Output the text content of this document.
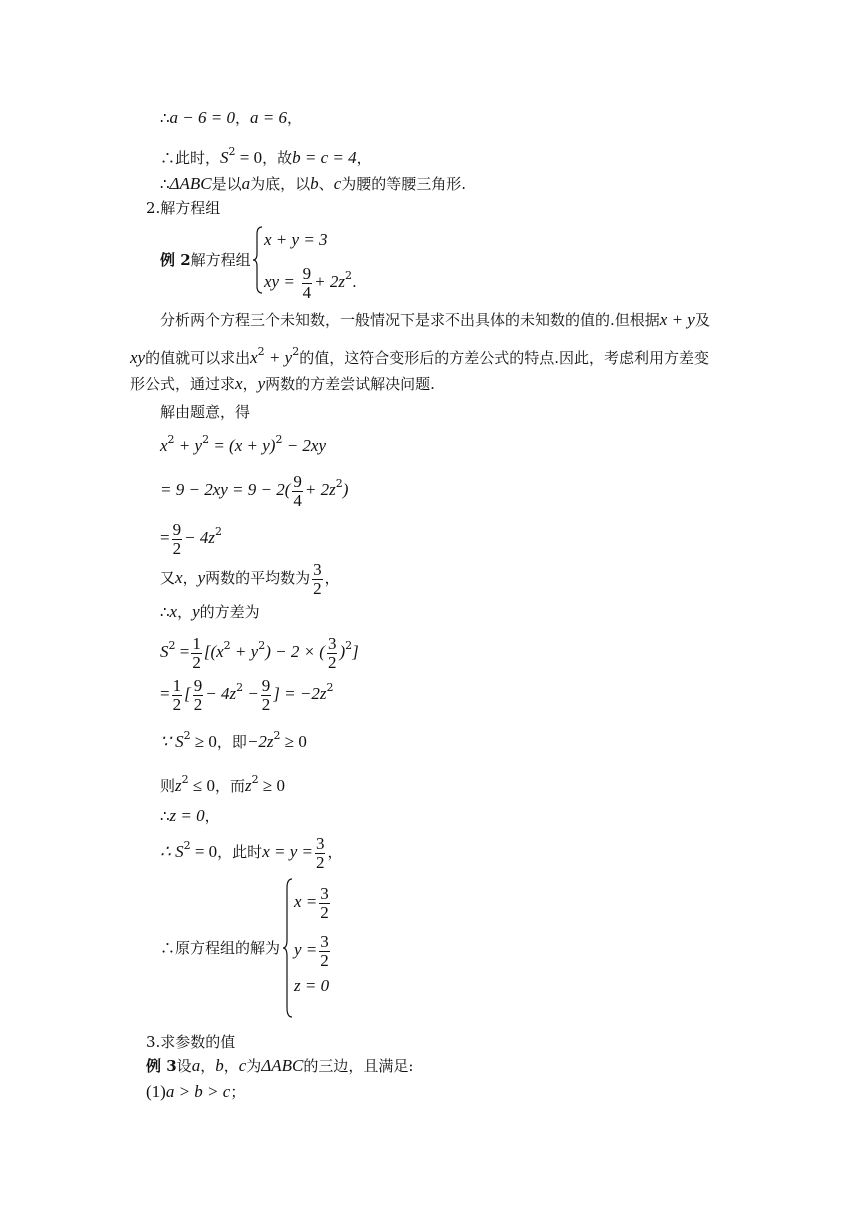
∴a − 6 = 0，a = 6，
∴此时，$S^2 = 0$，故b = c = 4，
∴ΔABC是以a为底，以b、c为腰的等腰三角形.
2.解方程组
例 2解方程组
x + y = 3
xy = $\frac{9}{4} + 2z^2$.
分析两个方程三个未知数，一般情况下是求不出具体的未知数的值的.但根据x + y及
xy的值就可以求出$x^2 + y^2$的值，这符合变形后的方差公式的特点.因此，考虑利用方差变
形公式，通过求x，y两数的方差尝试解决问题.
解由题意，得
$x^2 + y^2 = (x + y)^2 - 2xy$
= $9 - 2xy = 9 - 2( \frac{9}{4} + 2z^2)$
= $\frac{9}{2} - 4z^2$
又x，y两数的平均数为 $\frac{3}{2}$ ，
∴x，y的方差为
$S^2 = \frac{1}{2} [(x^2 + y^2) - 2$ × ( $\frac{3}{2} )^2$]
= $\frac{1}{2}$ [ $\frac{9}{2} - 4z^2 - \frac{9}{2}$ ] = $-2z^2$
∵ $S^2 \ge 0$，即$-2z^2 \ge 0$
则$z^2 \le 0$，而$z^2 \ge 0$
∴z = 0，
∴ $S^2 = 0$，此时$x = y = \frac{3}{2}$ ，
∴原方程组的解为
$x = \frac{3}{2}$
$y = \frac{3}{2}$
z = 0
3.求参数的值
例 3设a，b，c为ΔABC的三边，且满足:
(1)a > b > c；
